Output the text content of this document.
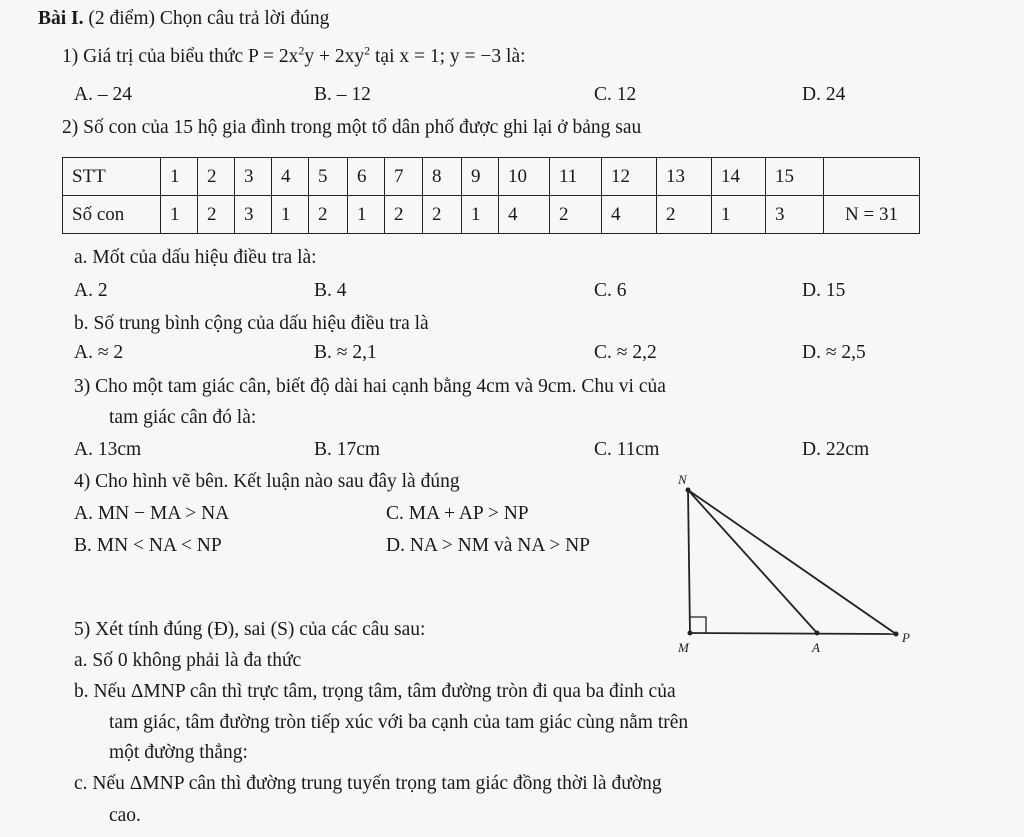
Bài I. (2 điểm) Chọn câu trả lời đúng
1) Giá trị của biểu thức $P = 2x^2y + 2xy^2$ tại x = 1; y = −3 là:
A. – 24	B. – 12	C. 12	D. 24
2) Số con của 15 hộ gia đình trong một tổ dân phố được ghi lại ở bảng sau
STT	1	2	3	4	5	6	7	8	9	10	11	12	13	14	15	
Số con	1	2	3	1	2	1	2	2	1	4	2	4	2	1	3	N = 31
a. Mốt của dấu hiệu điều tra là:
A. 2	B. 4	C. 6	D. 15
b. Số trung bình cộng của dấu hiệu điều tra là
A. ≈ 2	B. ≈ 2,1	C. ≈ 2,2	D. ≈ 2,5
3) Cho một tam giác cân, biết độ dài hai cạnh bằng 4cm và 9cm. Chu vi của
tam giác cân đó là:
A. 13cm	B. 17cm	C. 11cm	D. 22cm
4) Cho hình vẽ bên. Kết luận nào sau đây là đúng
A. MN − MA > NA	C. MA + AP > NP
B. MN < NA < NP	D. NA > NM và NA > NP
N
M	A
P
5) Xét tính đúng (Đ), sai (S) của các câu sau:
a. Số 0 không phải là đa thức
b. Nếu ΔMNP cân thì trực tâm, trọng tâm, tâm đường tròn đi qua ba đỉnh của
tam giác, tâm đường tròn tiếp xúc với ba cạnh của tam giác cùng nằm trên
một đường thẳng:
c. Nếu ΔMNP cân thì đường trung tuyến trọng tam giác đồng thời là đường
cao.
